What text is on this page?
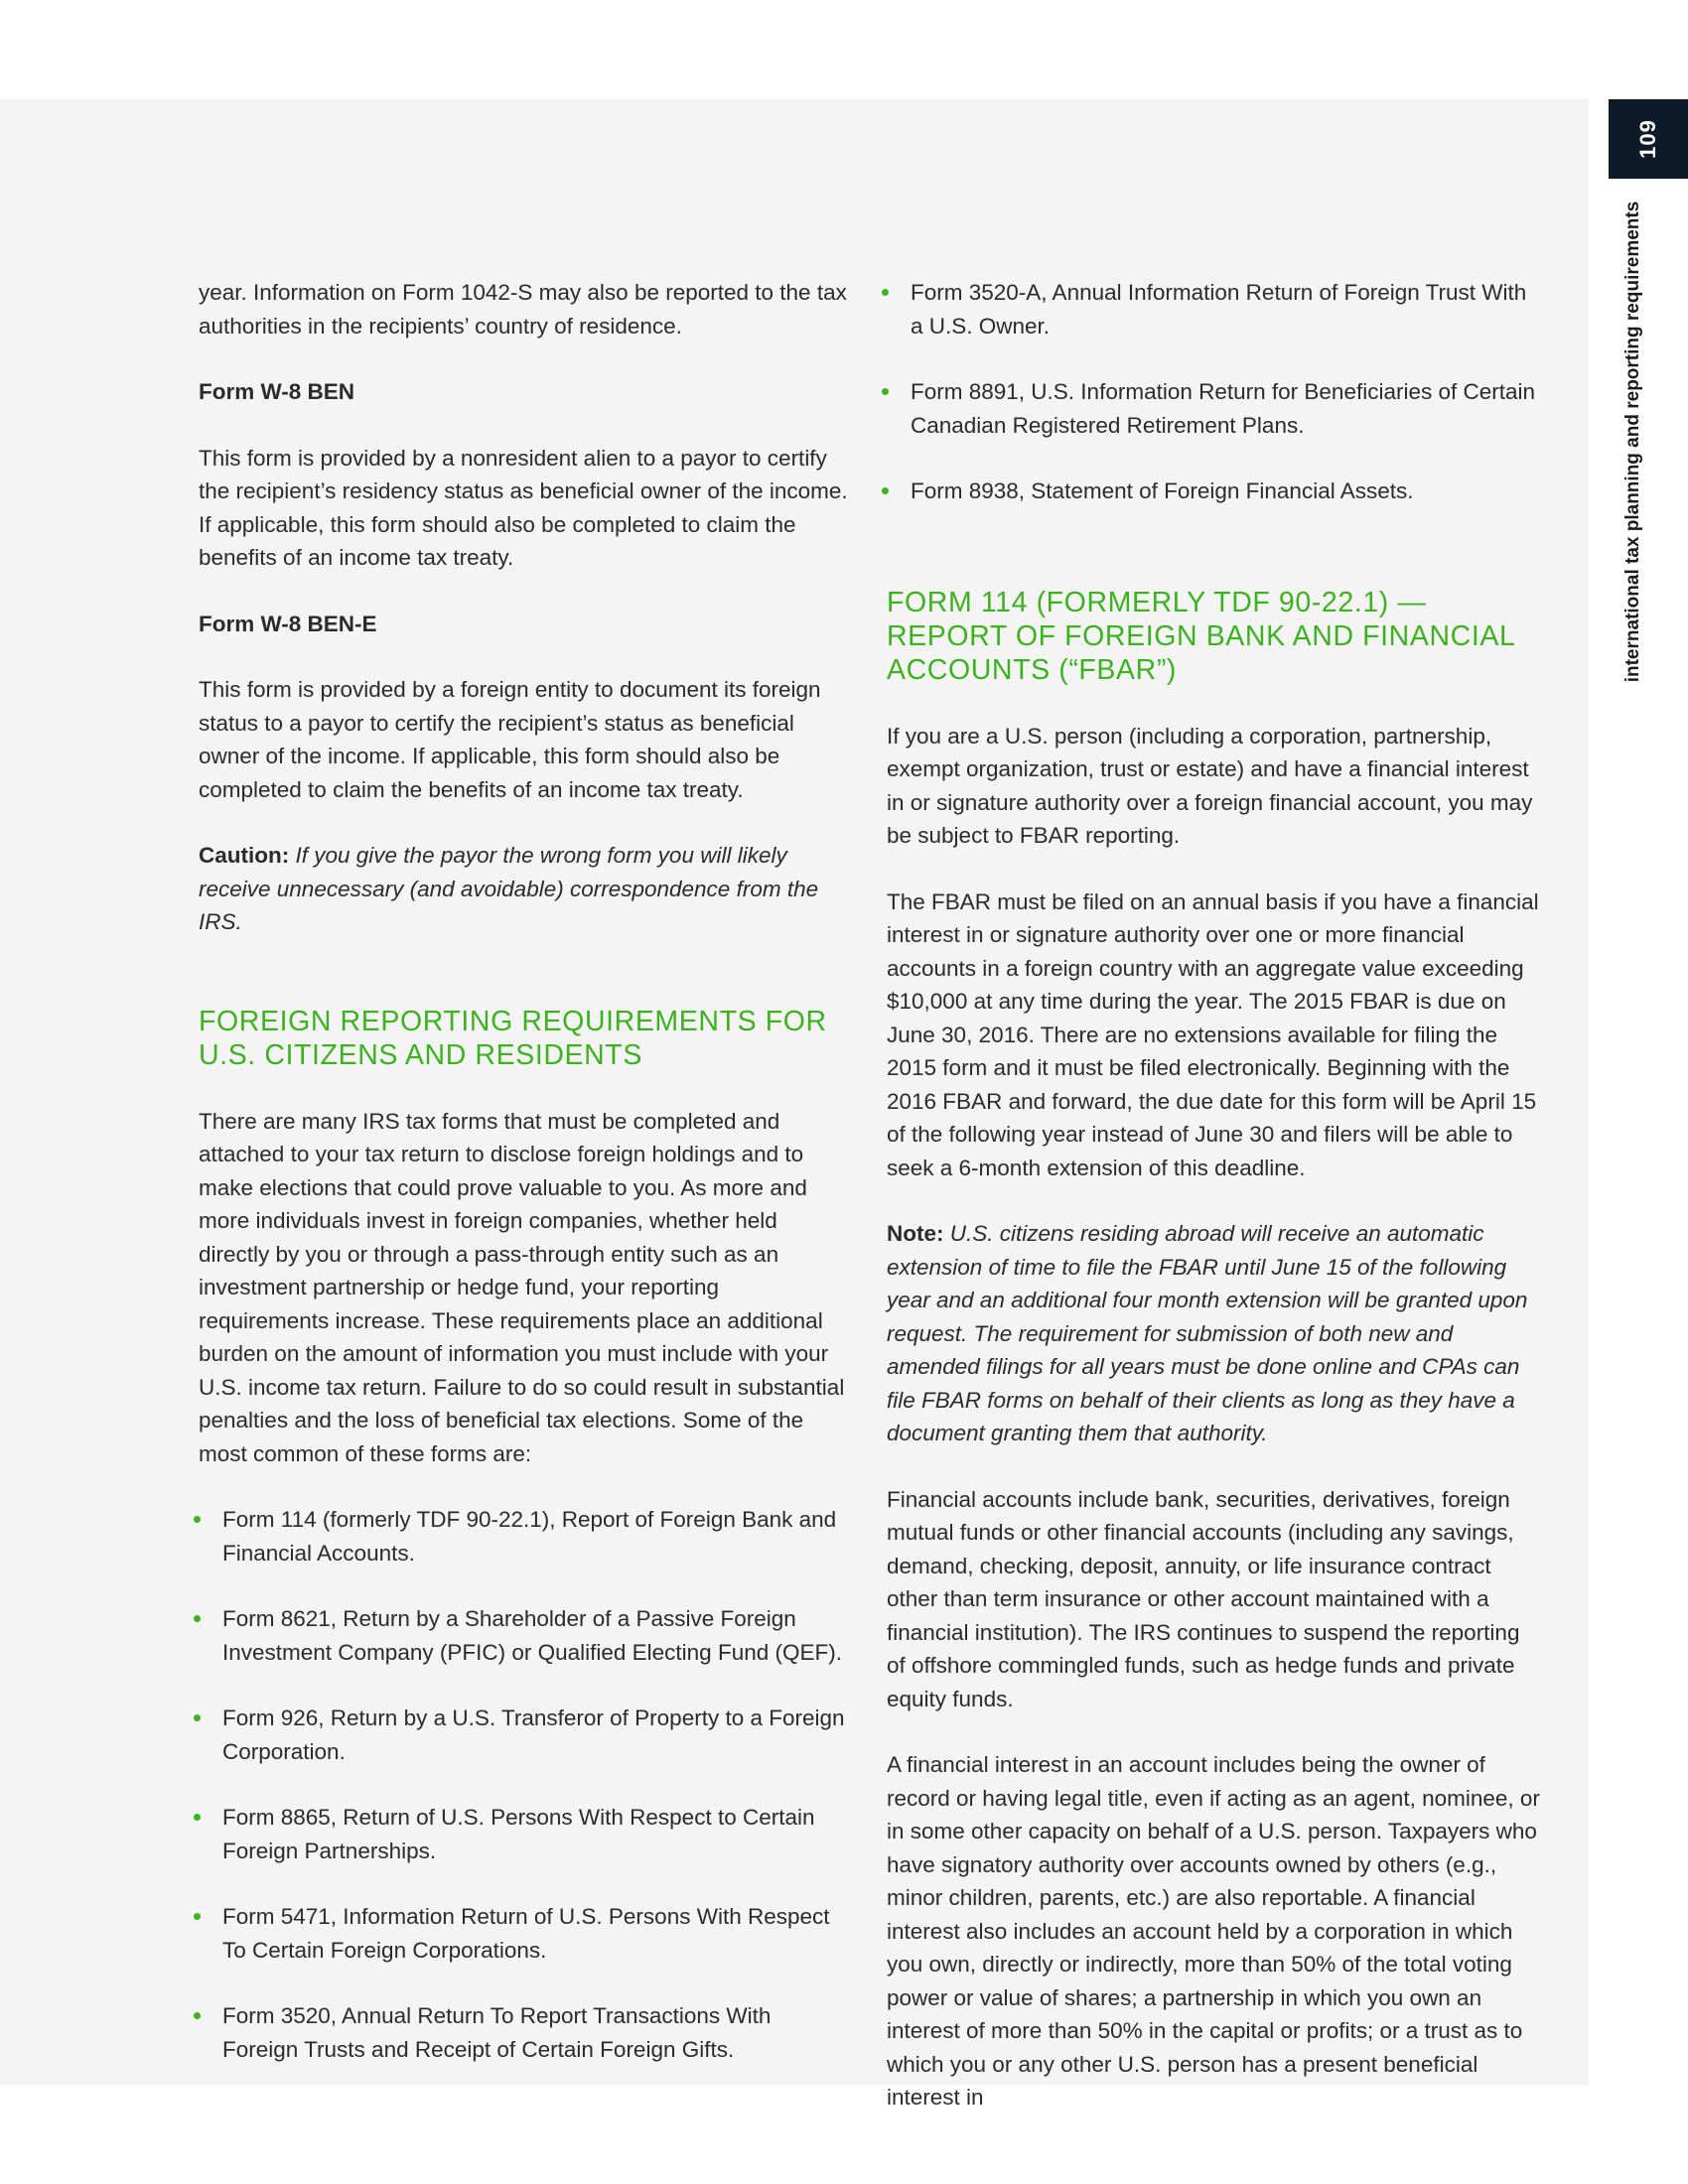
109
international tax planning and reporting requirements

year. Information on Form 1042-S may also be reported to the tax authorities in the recipients’ country of residence.

Form W-8 BEN

This form is provided by a nonresident alien to a payor to certify the recipient’s residency status as beneficial owner of the income. If applicable, this form should also be completed to claim the benefits of an income tax treaty.

Form W-8 BEN-E

This form is provided by a foreign entity to document its foreign status to a payor to certify the recipient’s status as beneficial owner of the income. If applicable, this form should also be completed to claim the benefits of an income tax treaty.

Caution: If you give the payor the wrong form you will likely receive unnecessary (and avoidable) correspondence from the IRS.

FOREIGN REPORTING REQUIREMENTS FOR U.S. CITIZENS AND RESIDENTS

There are many IRS tax forms that must be completed and attached to your tax return to disclose foreign holdings and to make elections that could prove valuable to you. As more and more individuals invest in foreign companies, whether held directly by you or through a pass-through entity such as an investment partnership or hedge fund, your reporting requirements increase. These requirements place an additional burden on the amount of information you must include with your U.S. income tax return. Failure to do so could result in substantial penalties and the loss of beneficial tax elections. Some of the most common of these forms are:

Form 114 (formerly TDF 90-22.1), Report of Foreign Bank and Financial Accounts.
Form 8621, Return by a Shareholder of a Passive Foreign Investment Company (PFIC) or Qualified Electing Fund (QEF).
Form 926, Return by a U.S. Transferor of Property to a Foreign Corporation.
Form 8865, Return of U.S. Persons With Respect to Certain Foreign Partnerships.
Form 5471, Information Return of U.S. Persons With Respect To Certain Foreign Corporations.
Form 3520, Annual Return To Report Transactions With Foreign Trusts and Receipt of Certain Foreign Gifts.
Form 3520-A, Annual Information Return of Foreign Trust With a U.S. Owner.
Form 8891, U.S. Information Return for Beneficiaries of Certain Canadian Registered Retirement Plans.
Form 8938, Statement of Foreign Financial Assets.
FORM 114 (FORMERLY TDF 90-22.1) — REPORT OF FOREIGN BANK AND FINANCIAL ACCOUNTS (“FBAR”)

If you are a U.S. person (including a corporation, partnership, exempt organization, trust or estate) and have a financial interest in or signature authority over a foreign financial account, you may be subject to FBAR reporting.

The FBAR must be filed on an annual basis if you have a financial interest in or signature authority over one or more financial accounts in a foreign country with an aggregate value exceeding $10,000 at any time during the year. The 2015 FBAR is due on June 30, 2016. There are no extensions available for filing the 2015 form and it must be filed electronically. Beginning with the 2016 FBAR and forward, the due date for this form will be April 15 of the following year instead of June 30 and filers will be able to seek a 6-month extension of this deadline.

Note: U.S. citizens residing abroad will receive an automatic extension of time to file the FBAR until June 15 of the following year and an additional four month extension will be granted upon request. The requirement for submission of both new and amended filings for all years must be done online and CPAs can file FBAR forms on behalf of their clients as long as they have a document granting them that authority.

Financial accounts include bank, securities, derivatives, foreign mutual funds or other financial accounts (including any savings, demand, checking, deposit, annuity, or life insurance contract other than term insurance or other account maintained with a financial institution). The IRS continues to suspend the reporting of offshore commingled funds, such as hedge funds and private equity funds.

A financial interest in an account includes being the owner of record or having legal title, even if acting as an agent, nominee, or in some other capacity on behalf of a U.S. person. Taxpayers who have signatory authority over accounts owned by others (e.g., minor children, parents, etc.) are also reportable. A financial interest also includes an account held by a corporation in which you own, directly or indirectly, more than 50% of the total voting power or value of shares; a partnership in which you own an interest of more than 50% in the capital or profits; or a trust as to which you or any other U.S. person has a present beneficial interest in
